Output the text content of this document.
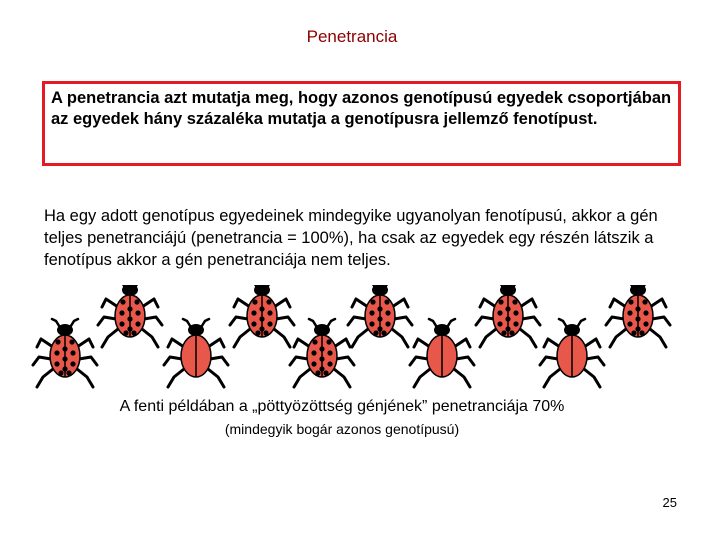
Penetrancia

A penetrancia azt mutatja meg, hogy azonos genotípusú egyedek csoportjában az egyedek hány százaléka mutatja a genotípusra jellemző fenotípust.

Ha egy adott genotípus egyedeinek mindegyike ugyanolyan fenotípusú, akkor a gén teljes penetranciájú (penetrancia = 100%), ha csak az egyedek egy részén látszik a fenotípus akkor a gén penetranciája nem teljes.

A fenti példában a „pöttyözöttség génjének” penetranciája 70%
(mindegyik bogár azonos genotípusú)
25
